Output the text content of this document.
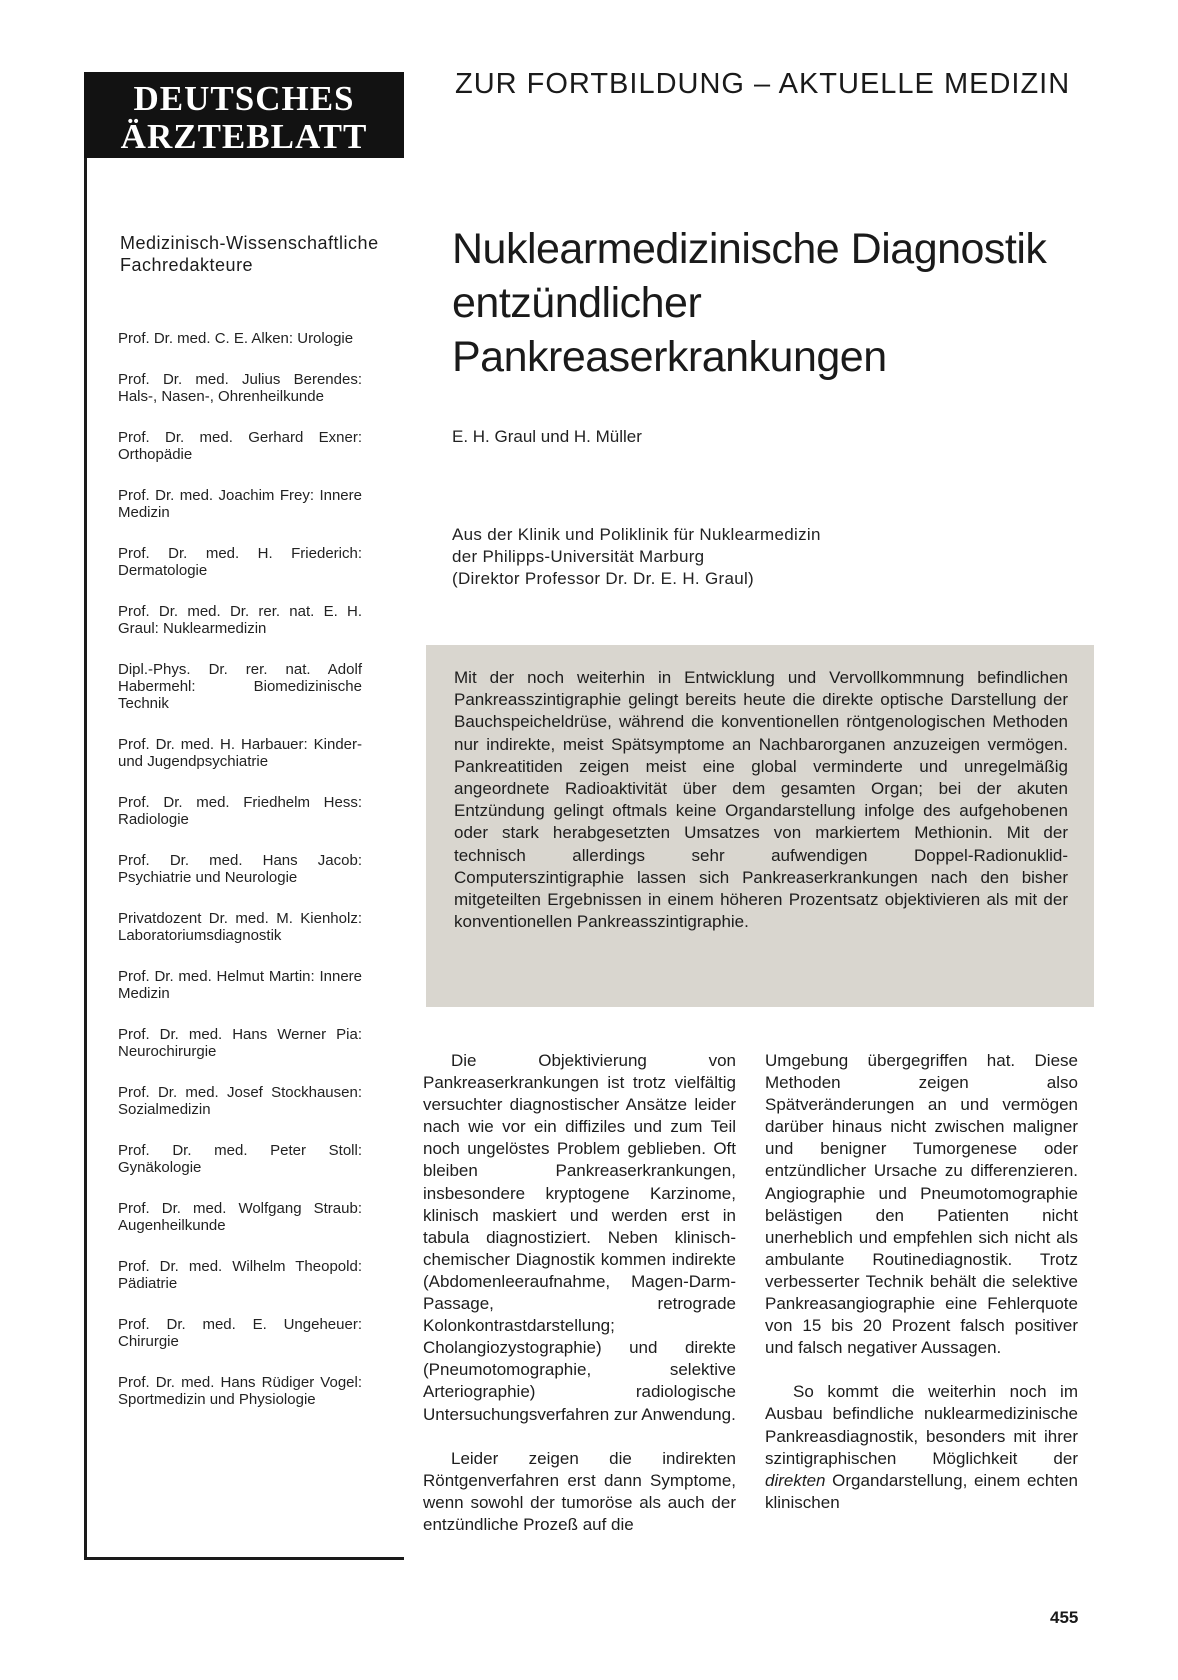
DEUTSCHES
ÄRZTEBLATT
ZUR FORTBILDUNG – AKTUELLE MEDIZIN
Medizinisch-Wissenschaftliche Fachredakteure
Prof. Dr. med. C. E. Alken: Urologie
Prof. Dr. med. Julius Berendes: Hals-, Nasen-, Ohrenheilkunde
Prof. Dr. med. Gerhard Exner: Orthopädie
Prof. Dr. med. Joachim Frey: Innere Medizin
Prof. Dr. med. H. Friederich: Dermatologie
Prof. Dr. med. Dr. rer. nat. E. H. Graul: Nuklearmedizin
Dipl.-Phys. Dr. rer. nat. Adolf Habermehl: Biomedizinische Technik
Prof. Dr. med. H. Harbauer: Kinder- und Jugendpsychiatrie
Prof. Dr. med. Friedhelm Hess: Radiologie
Prof. Dr. med. Hans Jacob: Psychiatrie und Neurologie
Privatdozent Dr. med. M. Kienholz: Laboratoriumsdiagnostik
Prof. Dr. med. Helmut Martin: Innere Medizin
Prof. Dr. med. Hans Werner Pia: Neurochirurgie
Prof. Dr. med. Josef Stockhausen: Sozialmedizin
Prof. Dr. med. Peter Stoll: Gynäkologie
Prof. Dr. med. Wolfgang Straub: Augenheilkunde
Prof. Dr. med. Wilhelm Theopold: Pädiatrie
Prof. Dr. med. E. Ungeheuer: Chirurgie
Prof. Dr. med. Hans Rüdiger Vogel: Sportmedizin und Physiologie
Nuklearmedizinische Diagnostik
entzündlicher
Pankreaserkrankungen
E. H. Graul und H. Müller
Aus der Klinik und Poliklinik für Nuklearmedizin
der Philipps-Universität Marburg
(Direktor Professor Dr. Dr. E. H. Graul)
Mit der noch weiterhin in Entwicklung und Vervollkommnung befindlichen Pankreasszintigraphie gelingt bereits heute die direkte optische Darstellung der Bauchspeicheldrüse, während die konventionellen röntgenologischen Methoden nur indirekte, meist Spätsymptome an Nachbarorganen anzuzeigen vermögen. Pankreatitiden zeigen meist eine global verminderte und unregelmäßig angeordnete Radioaktivität über dem gesamten Organ; bei der akuten Entzündung gelingt oftmals keine Organdarstellung infolge des aufgehobenen oder stark herabgesetzten Umsatzes von markiertem Methionin. Mit der technisch allerdings sehr aufwendigen Doppel-Radionuklid-Computerszintigraphie lassen sich Pankreaserkrankungen nach den bisher mitgeteilten Ergebnissen in einem höheren Prozentsatz objektivieren als mit der konventionellen Pankreasszintigraphie.

Die Objektivierung von Pankreaserkrankungen ist trotz vielfältig versuchter diagnostischer Ansätze leider nach wie vor ein diffiziles und zum Teil noch ungelöstes Problem geblieben. Oft bleiben Pankreaserkrankungen, insbesondere kryptogene Karzinome, klinisch maskiert und werden erst in tabula diagnostiziert. Neben klinisch-chemischer Diagnostik kommen indirekte (Abdomenleeraufnahme, Magen-Darm-Passage, retrograde Kolonkontrastdarstellung; Cholangiozystographie) und direkte (Pneumotomographie, selektive Arteriographie) radiologische Untersuchungsverfahren zur Anwendung.

Leider zeigen die indirekten Röntgenverfahren erst dann Symptome, wenn sowohl der tumoröse als auch der entzündliche Prozeß auf die

Umgebung übergegriffen hat. Diese Methoden zeigen also Spätveränderungen an und vermögen darüber hinaus nicht zwischen maligner und benigner Tumorgenese oder entzündlicher Ursache zu differenzieren. Angiographie und Pneumotomographie belästigen den Patienten nicht unerheblich und empfehlen sich nicht als ambulante Routinediagnostik. Trotz verbesserter Technik behält die selektive Pankreasangiographie eine Fehlerquote von 15 bis 20 Prozent falsch positiver und falsch negativer Aussagen.

So kommt die weiterhin noch im Ausbau befindliche nuklearmedizinische Pankreasdiagnostik, besonders mit ihrer szintigraphischen Möglichkeit der direkten Organdarstellung, einem echten klinischen

455
